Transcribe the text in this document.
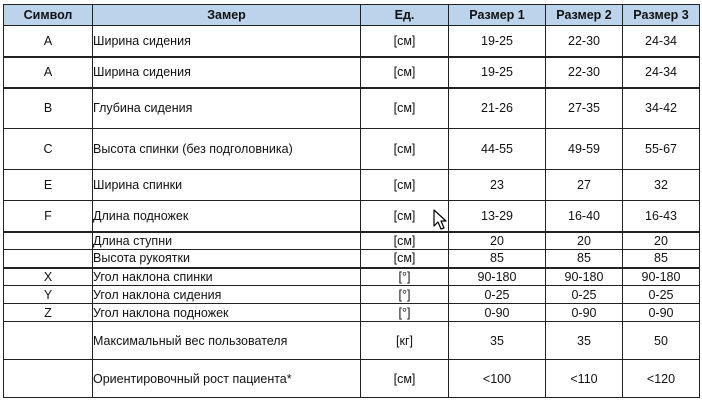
Символ	Замер	Ед.	Размер 1	Размер 2	Размер 3
A	Ширина сидения	[см]	19-25	22-30	24-34
A	Ширина сидения	[см]	19-25	22-30	24-34
B	Глубина сидения	[см]	21-26	27-35	34-42
C	Высота спинки (без подголовника)	[см]	44-55	49-59	55-67
E	Ширина спинки	[см]	23	27	32
F	Длина подножек	[см]	13-29	16-40	16-43
	Длина ступни	[см]	20	20	20
	Высота рукоятки	[см]	85	85	85
X	Угол наклона спинки	[°]	90-180	90-180	90-180
Y	Угол наклона сидения	[°]	0-25	0-25	0-25
Z	Угол наклона подножек	[°]	0-90	0-90	0-90
	Максимальный вес пользователя	[кг]	35	35	50
	Ориентировочный рост пациента*	[см]	<100	<110	<120
